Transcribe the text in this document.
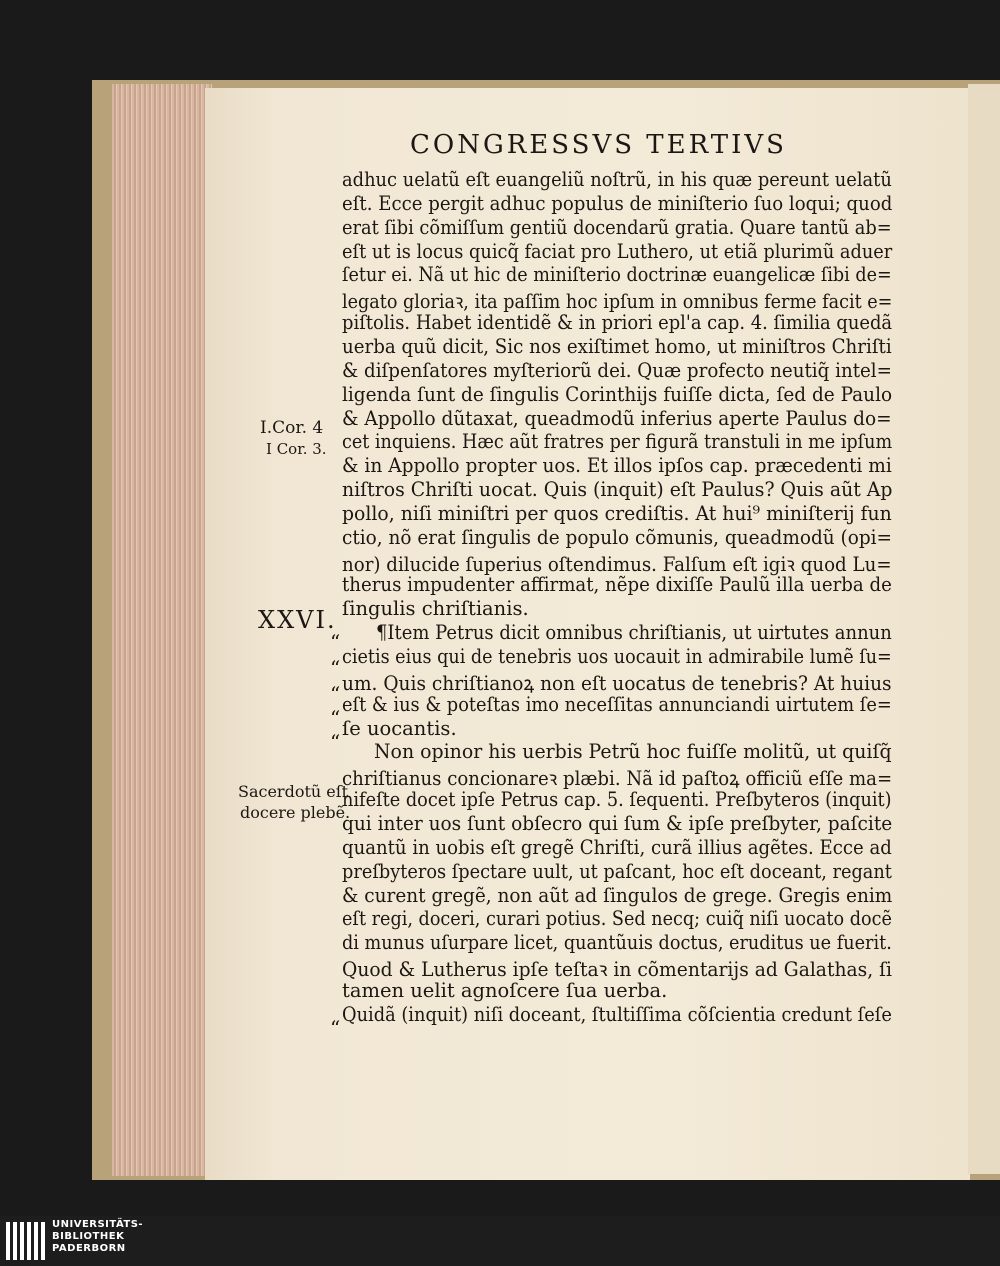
CONGRESSVS TERTIVS
adhuc uelatũ eſt euangeliũ noſtrũ, in his quæ pereunt uelatũ
eſt. Ecce pergit adhuc populus de miniſterio ſuo loqui; quod
erat ſibi cõmiſſum gentiũ docendarũ gratia. Quare tantũ ab=
eſt ut is locus quicq̃ faciat pro Luthero, ut etiã plurimũ aduer
ſetur ei. Nã ut hic de miniſterio doctrinæ euangelicæ ſibi de=
legato gloriaꝛ, ita paſſim hoc ipſum in omnibus ferme facit e=
piſtolis. Habet identidẽ & in priori epl'a cap. 4. ſimilia quedã
uerba quũ dicit, Sic nos exiſtimet homo, ut miniſtros Chriſti
& diſpenſatores myſteriorũ dei. Quæ profecto neutiq̃ intel=
ligenda ſunt de ſingulis Corinthijs fuiſſe dicta, ſed de Paulo
& Appollo dũtaxat, queadmodũ inferius aperte Paulus do=
cet inquiens. Hæc aũt fratres per figurã transtuli in me ipſum
& in Appollo propter uos. Et illos ipſos cap. præcedenti mi
niſtros Chriſti uocat. Quis (inquit) eſt Paulus? Quis aũt Ap
pollo, niſi miniſtri per quos crediſtis. At hui⁹ miniſterij fun
ctio, nõ erat ſingulis de populo cõmunis, queadmodũ (opi=
nor) dilucide ſuperius oſtendimus. Falſum eſt igiꝛ quod Lu=
therus impudenter affirmat, nẽpe dixiſſe Paulũ illa uerba de
ſingulis chriſtianis.
¶Item Petrus dicit omnibus chriſtianis, ut uirtutes annun
cietis eius qui de tenebris uos uocauit in admirabile lumẽ ſu=
um. Quis chriſtianoꝝ non eſt uocatus de tenebris? At huius
eſt & ius & poteſtas imo neceſſitas annunciandi uirtutem ſe=
ſe uocantis.
Non opinor his uerbis Petrũ hoc fuiſſe molitũ, ut quiſq̃
chriſtianus concionareꝛ plæbi. Nã id paſtoꝝ officiũ eſſe ma=
nifeſte docet ipſe Petrus cap. 5. ſequenti. Preſbyteros (inquit)
qui inter uos ſunt obſecro qui ſum & ipſe preſbyter, paſcite
quantũ in uobis eſt gregẽ Chriſti, curã illius agẽtes. Ecce ad
preſbyteros ſpectare uult, ut paſcant, hoc eſt doceant, regant
& curent gregẽ, non aũt ad ſingulos de grege. Gregis enim
eſt regi, doceri, curari potius. Sed necq; cuiq̃ niſi uocato docẽ
di munus uſurpare licet, quantũuis doctus, eruditus ue fuerit.
Quod & Lutherus ipſe teſtaꝛ in cõmentarijs ad Galathas, ſi
tamen uelit agnoſcere ſua uerba.
Quidã (inquit) niſi doceant, ſtultiſſima cõſcientia credunt ſeſe
I.Cor. 4
I Cor. 3.
XXVI.
“
“
“
“
“
Sacerdotũ eſt
docere plebẽ.
“
UNIVERSITÄTS-
BIBLIOTHEK
PADERBORN
